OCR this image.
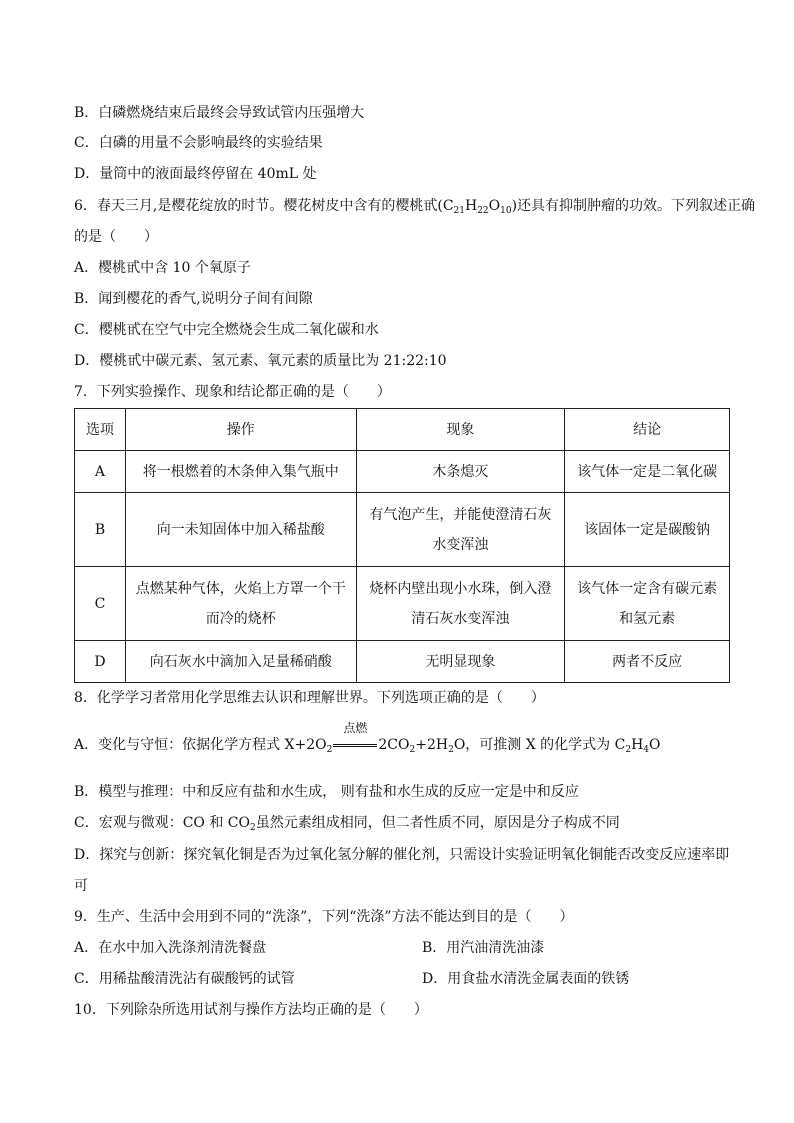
B．白磷燃烧结束后最终会导致试管内压强增大
C．白磷的用量不会影响最终的实验结果
D．量筒中的液面最终停留在 40mL 处
6．春天三月,是樱花绽放的时节。樱花树皮中含有的樱桃甙$(C_{21}H_{22}O_{10})$还具有抑制肿瘤的功效。下列叙述正确
的是（　　）
A．樱桃甙中含 10 个氧原子
B．闻到樱花的香气,说明分子间有间隙
C．樱桃甙在空气中完全燃烧会生成二氧化碳和水
D．樱桃甙中碳元素、氢元素、氧元素的质量比为 21:22:10
7．下列实验操作、现象和结论都正确的是（　　）
选项	操作	现象	结论
A	将一根燃着的木条伸入集气瓶中	木条熄灭	该气体一定是二氧化碳
B	向一未知固体中加入稀盐酸	有气泡产生，并能使澄清石灰水变浑浊	该固体一定是碳酸钠
C	点燃某种气体，火焰上方罩一个干而冷的烧杯	烧杯内壁出现小水珠，倒入澄清石灰水变浑浊	该气体一定含有碳元素和氢元素
D	向石灰水中滴加入足量稀硝酸	无明显现象	两者不反应
8．化学学习者常用化学思维去认识和理解世界。下列选项正确的是（　　）
A．变化与守恒：依据化学方程式 $X+2O_2$
点燃
$2CO_2+2H_2O$，可推测 X 的化学式为 $C_2H_4O$
B．模型与推理：中和反应有盐和水生成， 则有盐和水生成的反应一定是中和反应
C．宏观与微观：CO 和 $CO_2$虽然元素组成相同，但二者性质不同，原因是分子构成不同
D．探究与创新：探究氧化铜是否为过氧化氢分解的催化剂，只需设计实验证明氧化铜能否改变反应速率即
可
9．生产、生活中会用到不同的“洗涤”，下列“洗涤”方法不能达到目的是（　　）
A．在水中加入洗涤剂清洗餐盘	B．用汽油清洗油漆
C．用稀盐酸清洗沾有碳酸钙的试管	D．用食盐水清洗金属表面的铁锈
10．下列除杂所选用试剂与操作方法均正确的是（　　）
